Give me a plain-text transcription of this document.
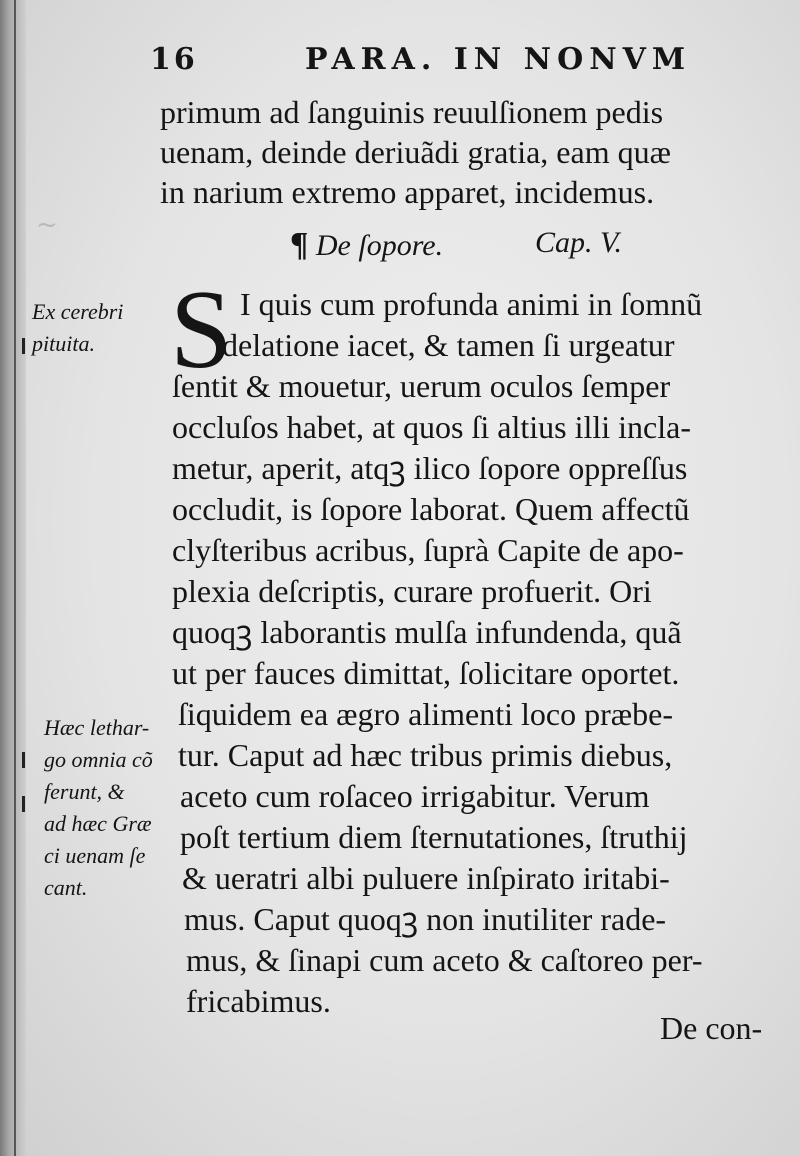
~
16	PARA. IN NONVM
primum ad ſanguinis reuulſionem pedis
uenam, deinde deriuãdi gratia, eam quæ
in narium extremo apparet, incidemus.
¶ De ſopore.	Cap. V.
S I quis cum profunda animi in ſomnũ
delatione iacet, & tamen ſi urgeatur
ſentit & mouetur, uerum oculos ſemper
occluſos habet, at quos ſi altius illi incla-
metur, aperit, atqꝫ ilico ſopore oppreſſus
occludit, is ſopore laborat. Quem affectũ
clyſteribus acribus, ſuprà Capite de apo-
plexia deſcriptis, curare profuerit. Ori
quoqꝫ laborantis mulſa infundenda, quã
ut per fauces dimittat, ſolicitare oportet.
ſiquidem ea ægro alimenti loco præbe-
tur. Caput ad hæc tribus primis diebus,
aceto cum roſaceo irrigabitur. Verum
poſt tertium diem ſternutationes, ſtruthij
& ueratri albi puluere inſpirato iritabi-
mus. Caput quoqꝫ non inutiliter rade-
mus, & ſinapi cum aceto & caſtoreo per-
fricabimus.
De con-
Ex cerebri
pituita.
Hæc lethar-
go omnia cõ
ferunt, &
ad hæc Græ
ci uenam ſe
cant.
